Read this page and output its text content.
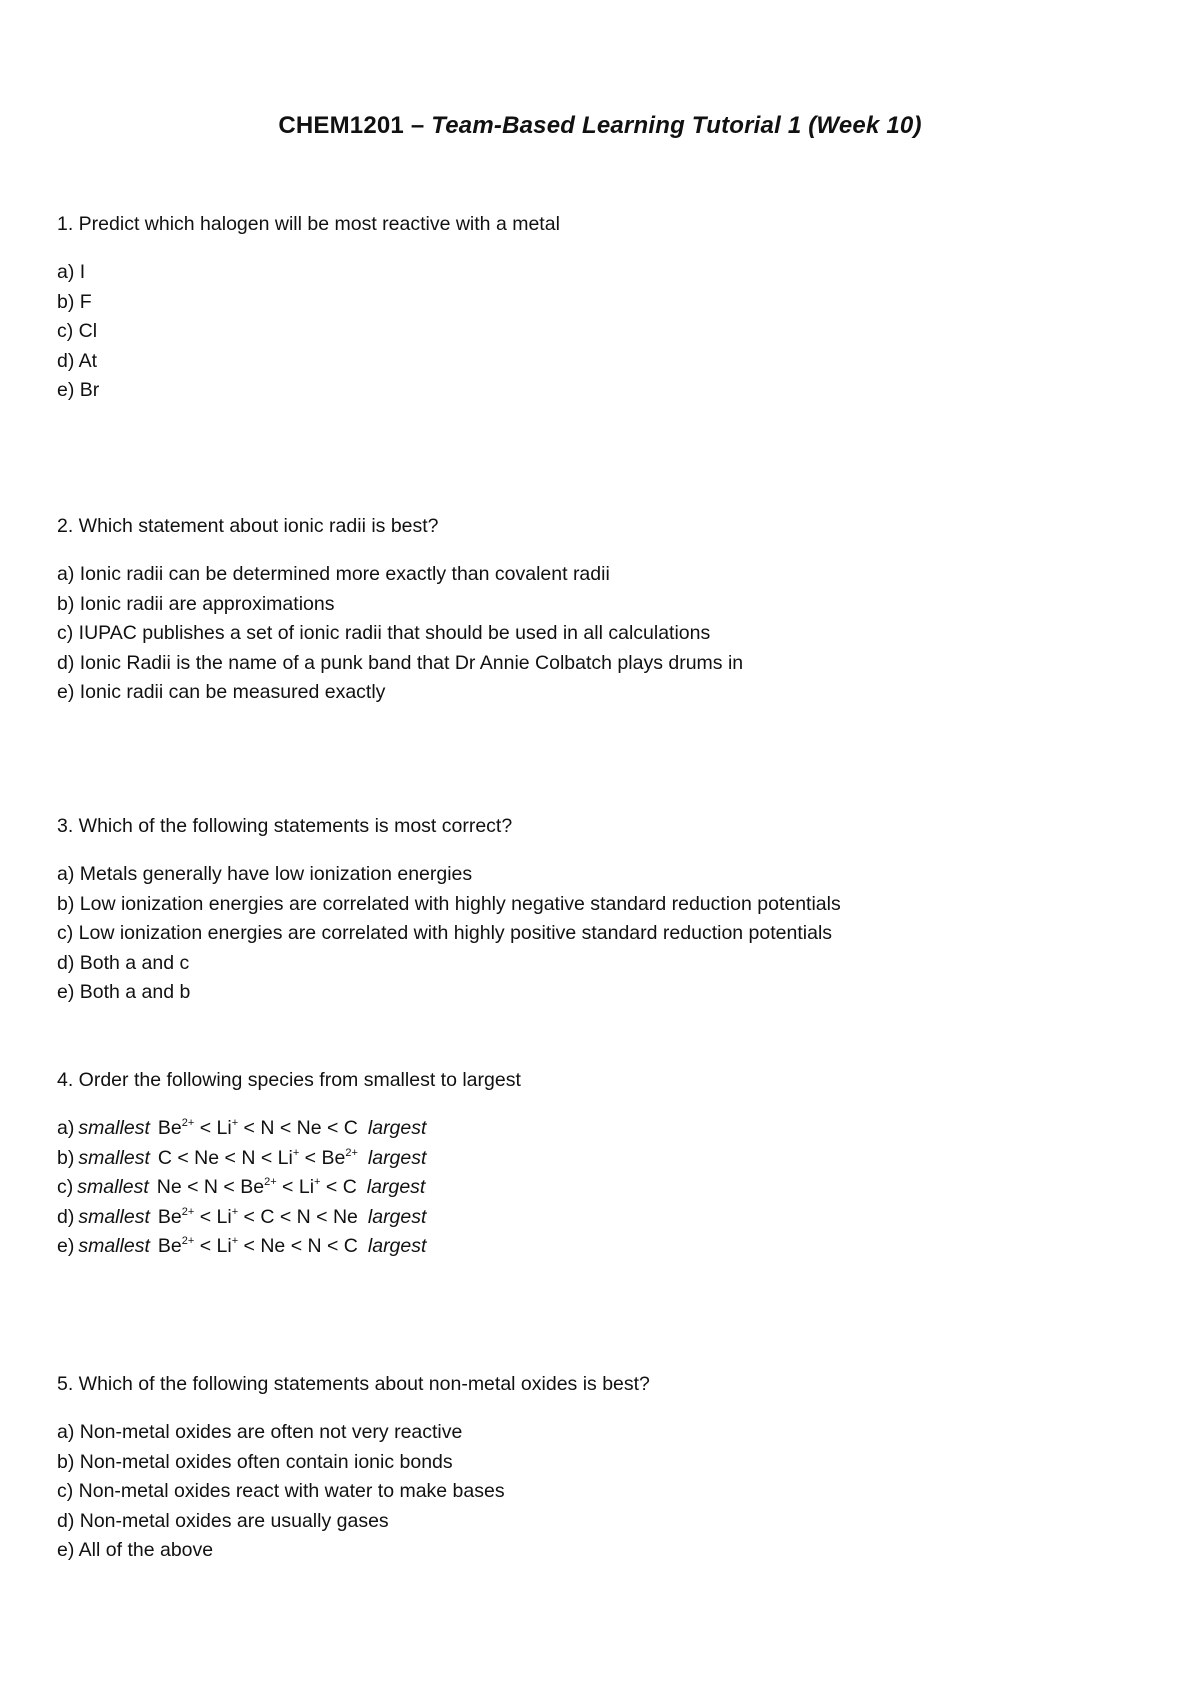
CHEM1201 – Team-Based Learning Tutorial 1 (Week 10)
1. Predict which halogen will be most reactive with a metal
a) I
b) F
c) Cl
d) At
e) Br
2. Which statement about ionic radii is best?
a) Ionic radii can be determined more exactly than covalent radii
b) Ionic radii are approximations
c) IUPAC publishes a set of ionic radii that should be used in all calculations
d) Ionic Radii is the name of a punk band that Dr Annie Colbatch plays drums in
e) Ionic radii can be measured exactly
3. Which of the following statements is most correct?
a) Metals generally have low ionization energies
b) Low ionization energies are correlated with highly negative standard reduction potentials
c) Low ionization energies are correlated with highly positive standard reduction potentials
d) Both a and c
e) Both a and b
4. Order the following species from smallest to largest
a)smallest $Be^{2+} < Li^+ < N < Ne < C$ largest
b)smallest $C < Ne < N < Li^+ < Be^{2+}$ largest
c)smallest $Ne < N < Be^{2+} < Li^+ < C$ largest
d)smallest $Be^{2+} < Li^+ < C < N < Ne$ largest
e)smallest $Be^{2+} < Li^+ < Ne < N < C$ largest
5. Which of the following statements about non-metal oxides is best?
a) Non-metal oxides are often not very reactive
b) Non-metal oxides often contain ionic bonds
c) Non-metal oxides react with water to make bases
d) Non-metal oxides are usually gases
e) All of the above
